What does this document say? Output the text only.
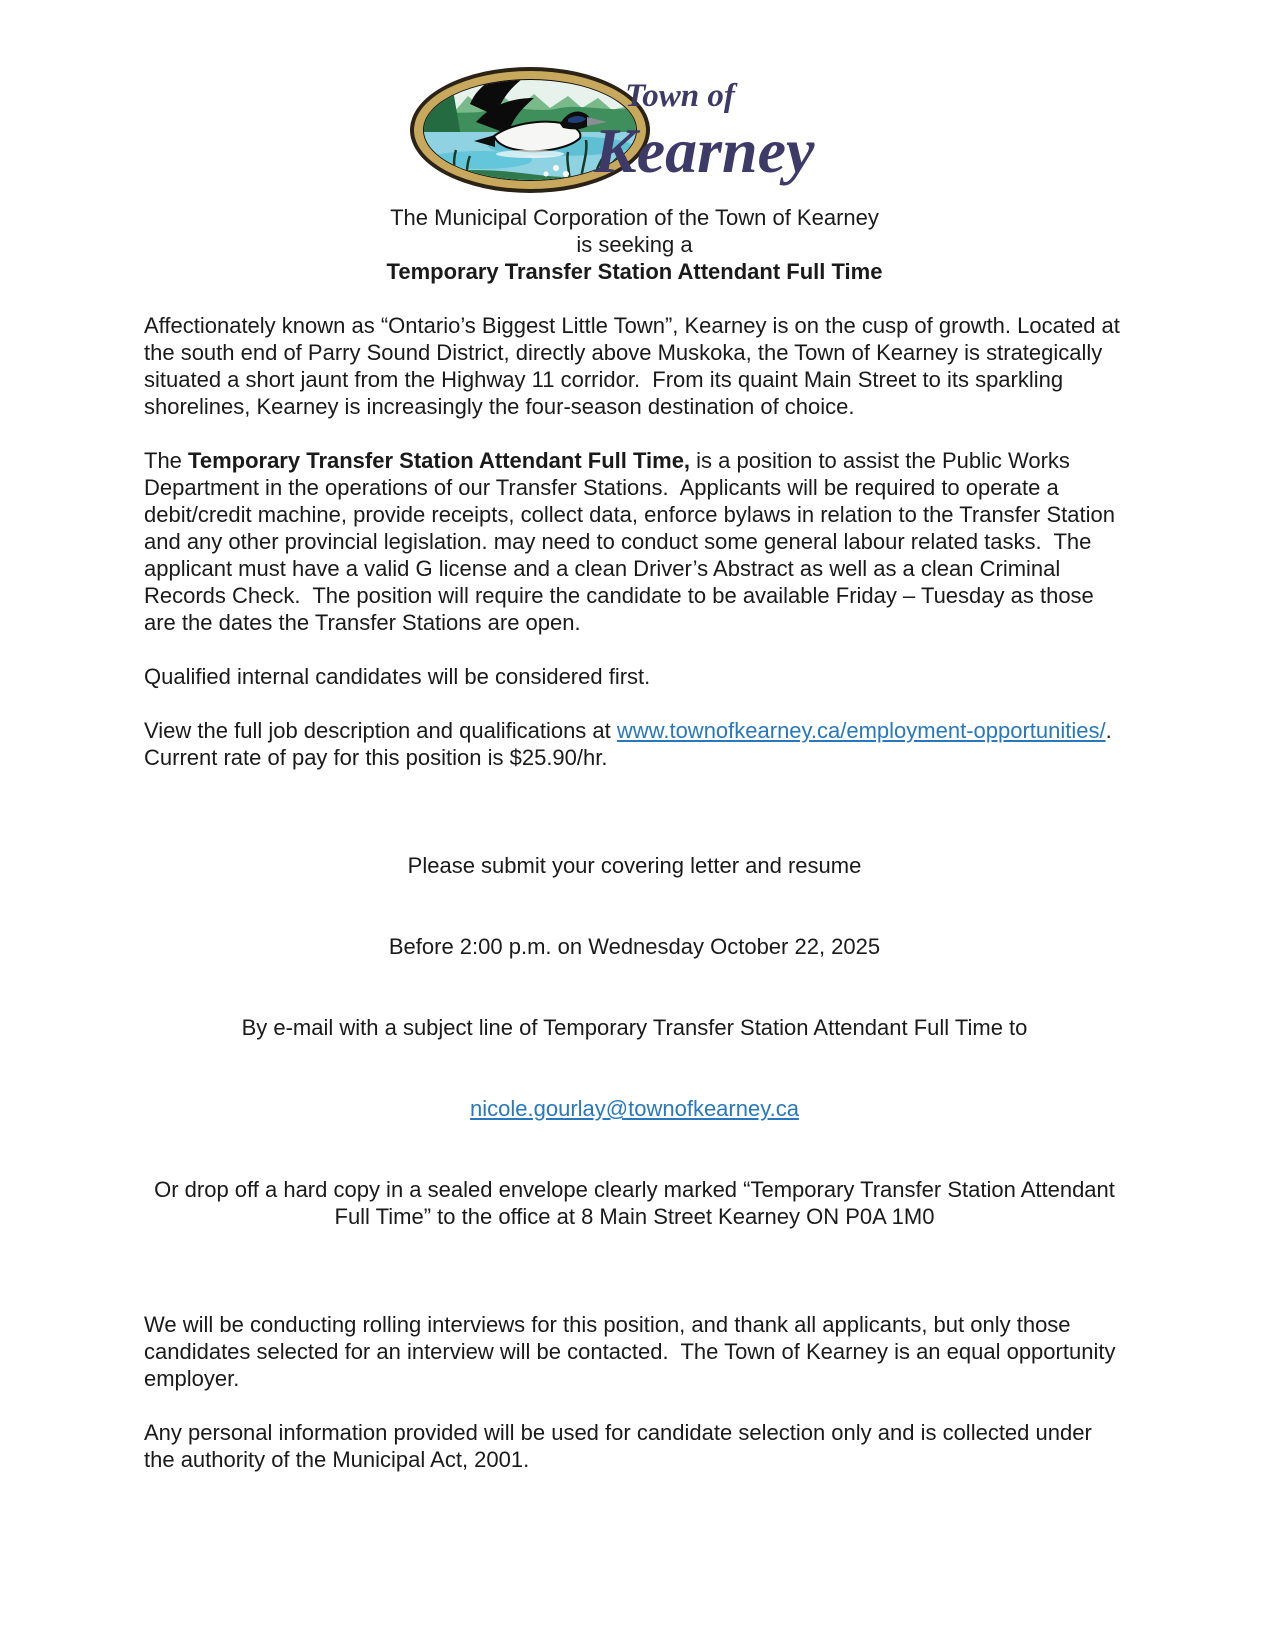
Town of
Kearney
The Municipal Corporation of the Town of Kearney
is seeking a
Temporary Transfer Station Attendant Full Time

Affectionately known as “Ontario’s Biggest Little Town”, Kearney is on the cusp of growth. Located at the south end of Parry Sound District, directly above Muskoka, the Town of Kearney is strategically situated a short jaunt from the Highway 11 corridor.  From its quaint Main Street to its sparkling shorelines, Kearney is increasingly the four-season destination of choice.

The Temporary Transfer Station Attendant Full Time, is a position to assist the Public Works Department in the operations of our Transfer Stations.  Applicants will be required to operate a debit/credit machine, provide receipts, collect data, enforce bylaws in relation to the Transfer Station and any other provincial legislation. may need to conduct some general labour related tasks.  The applicant must have a valid G license and a clean Driver’s Abstract as well as a clean Criminal Records Check.  The position will require the candidate to be available Friday – Tuesday as those are the dates the Transfer Stations are open.

Qualified internal candidates will be considered first.

View the full job description and qualifications at www.townofkearney.ca/employment-opportunities/.
Current rate of pay for this position is $25.90/hr.

Please submit your covering letter and resume

Before 2:00 p.m. on Wednesday October 22, 2025

By e-mail with a subject line of Temporary Transfer Station Attendant Full Time to

nicole.gourlay@townofkearney.ca

Or drop off a hard copy in a sealed envelope clearly marked “Temporary Transfer Station Attendant Full Time” to the office at 8 Main Street Kearney ON P0A 1M0

We will be conducting rolling interviews for this position, and thank all applicants, but only those candidates selected for an interview will be contacted.  The Town of Kearney is an equal opportunity employer.

Any personal information provided will be used for candidate selection only and is collected under the authority of the Municipal Act, 2001.
